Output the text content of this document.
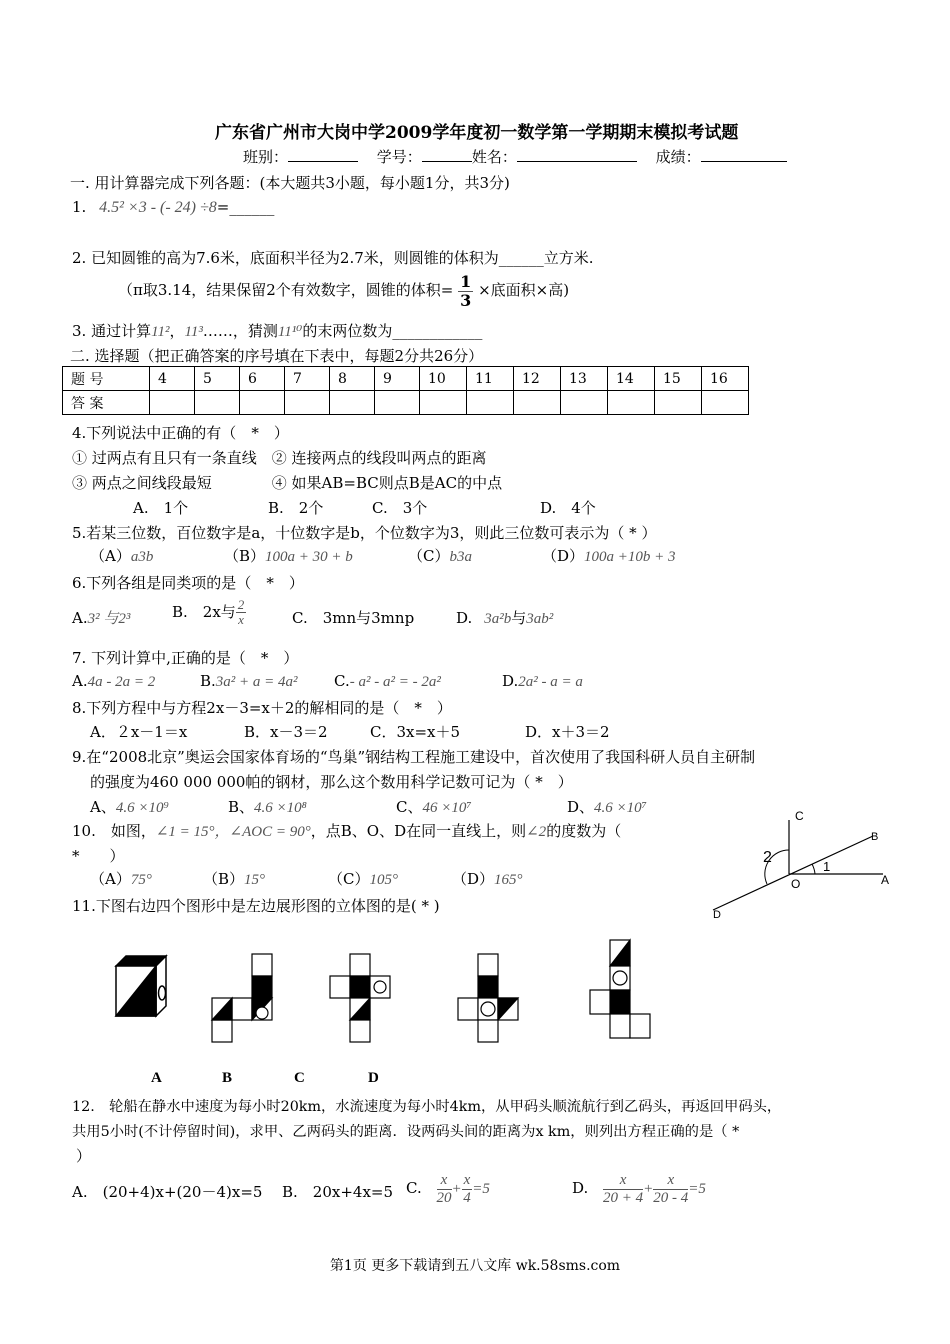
广东省广州市大岗中学2009学年度初一数学第一学期期末模拟考试题
班别：	学号：	姓名：	成绩：
一. 用计算器完成下列各题：(本大题共3小题，每小题1分，共3分)
1. 4.5² ×3 - (- 24) ÷8=______
2. 已知圆锥的高为7.6米，底面积半径为2.7米，则圆锥的体积为______立方米.
（π取3.14，结果保留2个有效数字，圆锥的体积= $\frac{1}{3}$ ×底面积×高)
3. 通过计算11²，11³……，猜测11¹⁰的末两位数为____________
二. 选择题（把正确答案的序号填在下表中，每题2分共26分）
题 号	4	5	6	7	8	9	10	11	12	13	14	15	16
答 案													
4.下列说法中正确的有（　*　）
① 过两点有且只有一条直线　② 连接两点的线段叫两点的距离
③ 两点之间线段最短　　　　④ 如果AB=BC则点B是AC的中点
A.　1个	B.　2个	C.　3个	D.　4个
5.若某三位数，百位数字是a，十位数字是b，个位数字为3，则此三位数可表示为（ * ）
（A）a3b	（B）100a + 30 + b	（C）b3a	（D）100a +10b + 3
6.下列各组是同类项的是（　*　）
A.3² 与2³	B.　2x与 $\frac{2}{x}$	C.　3mn与3mnp	D. 3a²b与3ab²
7. 下列计算中,正确的是（　*　）
A.4a - 2a = 2	B.3a² + a = 4a² C.- a² - a² = - 2a²	D.2a² - a = a
8.下列方程中与方程2x－3=x＋2的解相同的是（　*　）
A．２x－1＝x	B．x－3＝2	C．3x=x＋5	D．x＋3＝2
9.在“2008北京”奥运会国家体育场的“鸟巢”钢结构工程施工建设中，首次使用了我国科研人员自主研制
的强度为460 000 000帕的钢材，那么这个数用科学记数可记为（ *　）
A、4.6 ×10⁹	B、4.6 ×10⁸	C、46 ×10⁷	D、4.6 ×10⁷
10.　如图，∠1 = 15°，∠AOC = 90°，点B、O、D在同一直线上，则∠2的度数为（
*　　）
（A）75°	（B）15°	（C）105°	（D）165°
C
B
A
O
D
1
2
11.下图右边四个图形中是左边展形图的立体图的是( * )
A	B	C	D
12.　轮船在静水中速度为每小时20km，水流速度为每小时4km，从甲码头顺流航行到乙码头，再返回甲码头，
共用5小时(不计停留时间)，求甲、乙两码头的距离．设两码头间的距离为x km，则列出方程正确的是（ *
）
A.　(20+4)x+(20－4)x=5 B.　20x+4x=5 C. $\frac{x}{20} + \frac{x}{4} =5$	D. $\frac{x}{20 + 4} + \frac{x}{20 - 4} =5$
第1页 更多下载请到五八文库 wk.58sms.com
